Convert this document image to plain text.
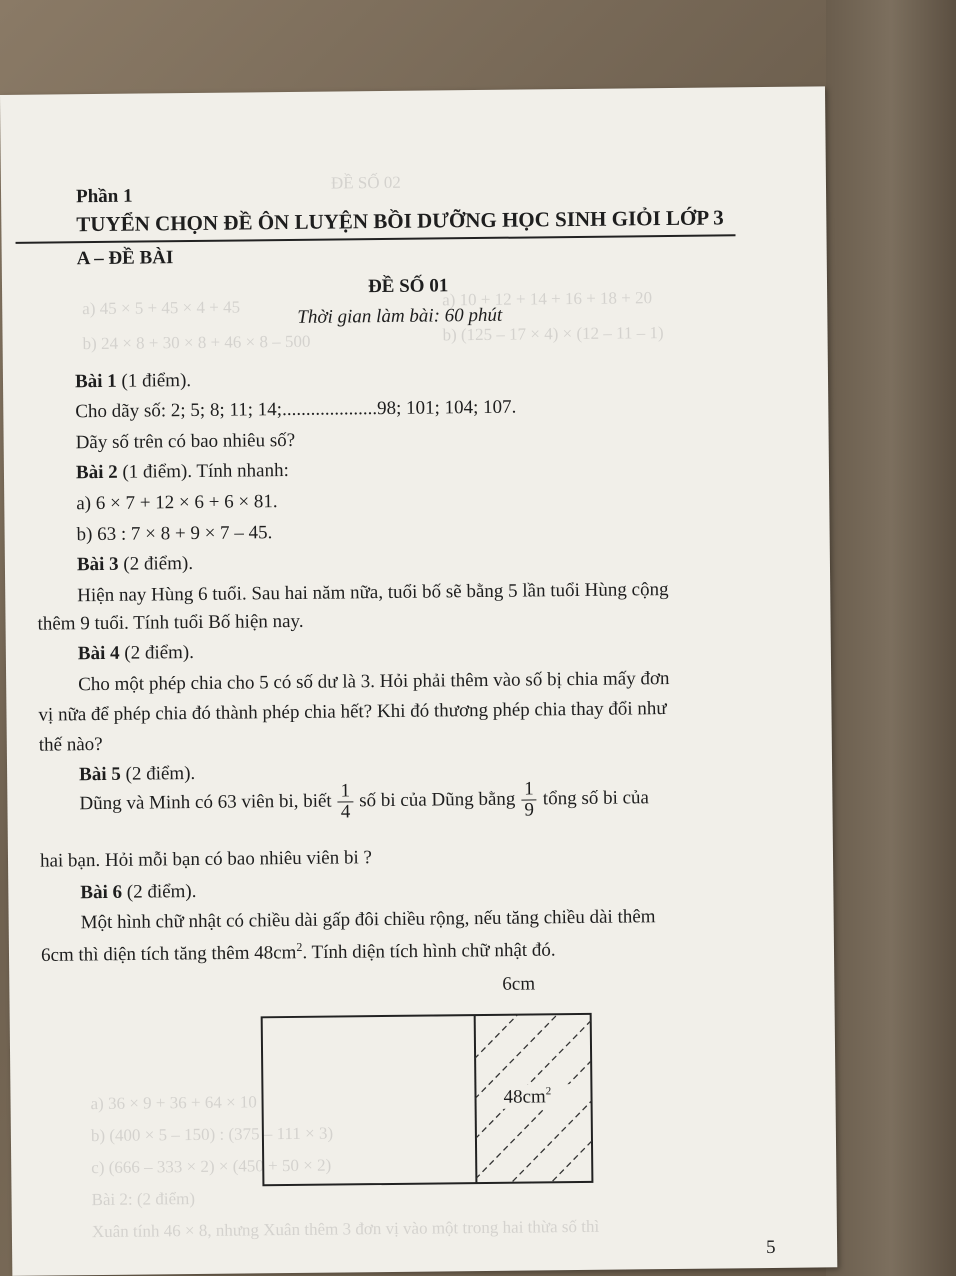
ĐỀ SỐ 02
a) 45 × 5 + 45 × 4 + 45
b) 24 × 8 + 30 × 8 + 46 × 8 – 500
a) 10 + 12 + 14 + 16 + 18 + 20
b) (125 – 17 × 4) × (12 – 11 – 1)
a) 36 × 9 + 36 + 64 × 10
b) (400 × 5 – 150) : (375 – 111 × 3)
c) (666 – 333 × 2) × (450 + 50 × 2)
Bài 2: (2 điểm)
Xuân tính 46 × 8, nhưng Xuân thêm 3 đơn vị vào một trong hai thừa số thì
Phần 1
TUYỂN CHỌN ĐỀ ÔN LUYỆN BỒI DƯỠNG HỌC SINH GIỎI LỚP 3
A – ĐỀ BÀI
ĐỀ SỐ 01
Thời gian làm bài: 60 phút
Bài 1 (1 điểm).
Cho dãy số: 2; 5; 8; 11; 14;....................98; 101; 104; 107.
Dãy số trên có bao nhiêu số?
Bài 2 (1 điểm). Tính nhanh:
a) 6 × 7 + 12 × 6 + 6 × 81.
b) 63 : 7 × 8 + 9 × 7 – 45.
Bài 3 (2 điểm).
Hiện nay Hùng 6 tuổi. Sau hai năm nữa, tuổi bố sẽ bằng 5 lần tuổi Hùng cộng
thêm 9 tuổi. Tính tuổi Bố hiện nay.
Bài 4 (2 điểm).
Cho một phép chia cho 5 có số dư là 3. Hỏi phải thêm vào số bị chia mấy đơn
vị nữa để phép chia đó thành phép chia hết? Khi đó thương phép chia thay đổi như
thế nào?
Bài 5 (2 điểm).
Dũng và Minh có 63 viên bi, biết $\frac{1}{4}$ số bi của Dũng bằng $\frac{1}{9}$ tổng số bi của
hai bạn. Hỏi mỗi bạn có bao nhiêu viên bi ?
Bài 6 (2 điểm).
Một hình chữ nhật có chiều dài gấp đôi chiều rộng, nếu tăng chiều dài thêm
6cm thì diện tích tăng thêm $48cm^2$. Tính diện tích hình chữ nhật đó.
6cm
$48cm^2$
5
